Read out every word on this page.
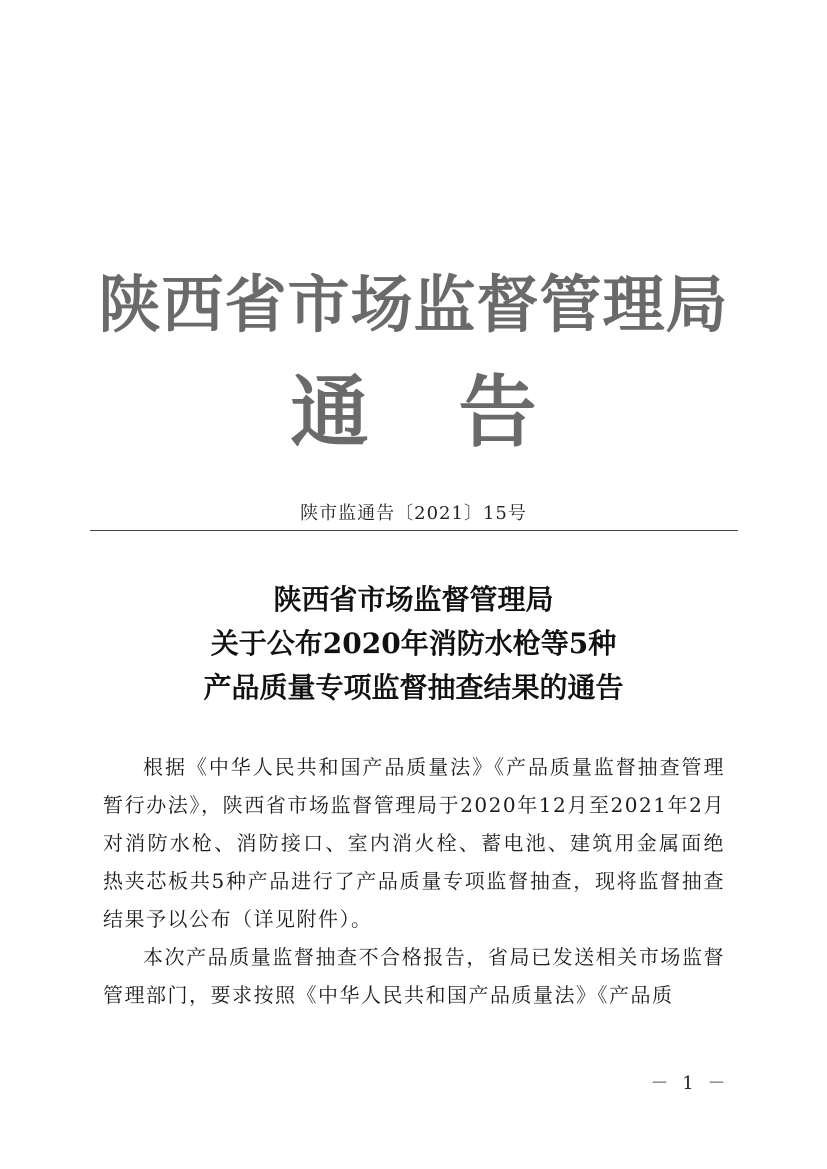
陕西省市场监督管理局
通告
陕市监通告〔2021〕15号
陕西省市场监督管理局
关于公布2020年消防水枪等5种
产品质量专项监督抽查结果的通告

根据《中华人民共和国产品质量法》《产品质量监督抽查管理暂行办法》，陕西省市场监督管理局于2020年12月至2021年2月对消防水枪、消防接口、室内消火栓、蓄电池、建筑用金属面绝热夹芯板共5种产品进行了产品质量专项监督抽查，现将监督抽查结果予以公布（详见附件）。

本次产品质量监督抽查不合格报告，省局已发送相关市场监督管理部门，要求按照《中华人民共和国产品质量法》《产品质

－ 1 －
